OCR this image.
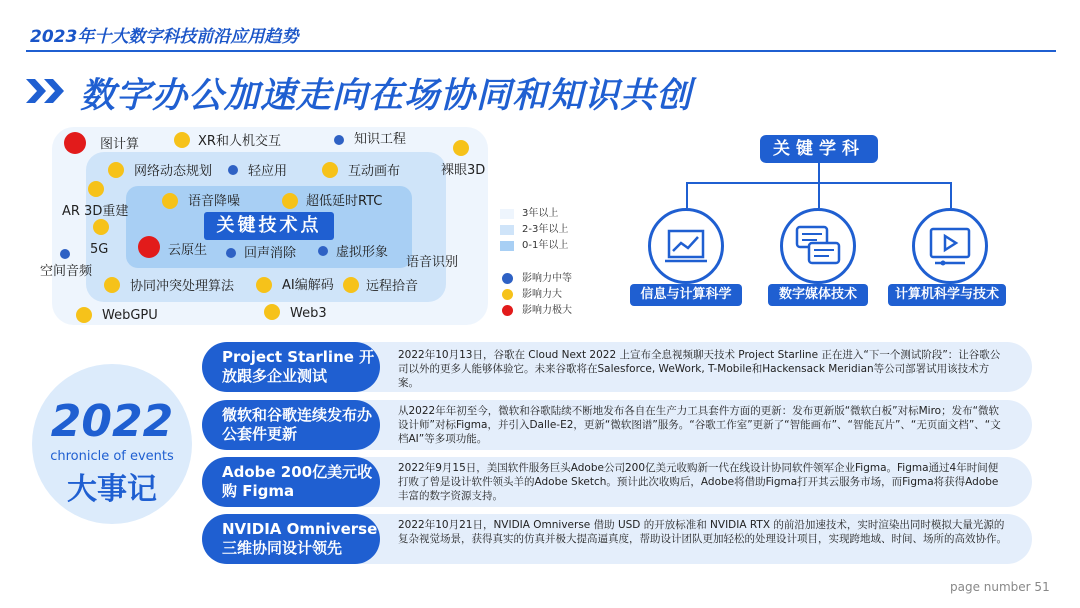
2023年十大数字科技前沿应用趋势
数字办公加速走向在场协同和知识共创
关键技术点
图计算	XR和人机交互	知识工程
裸眼3D
网络动态规划	轻应用	互动画布
AR 3D重建
语音降噪	超低延时RTC
5G	云原生	回声消除	虚拟形象
空间音频
语音识别
协同冲突处理算法	AI编解码 远程拾音
WebGPU	Web3
3年以上
2-3年以上
0-1年以上
影响力中等
影响力大
影响力极大
关键学科
信息与计算科学	数字媒体技术	计算机科学与技术
2022
chronicle of events
大事记
Project Starline 开放跟多企业测试
2022年10月13日，谷歌在 Cloud Next 2022 上宣布全息视频聊天技术 Project Starline 正在进入“下一个测试阶段”：让谷歌公司以外的更多人能够体验它。未来谷歌将在Salesforce, WeWork, T-Mobile和Hackensack Meridian等公司部署试用该技术方案。
微软和谷歌连续发布办公套件更新
从2022年年初至今，微软和谷歌陆续不断地发布各自在生产力工具套件方面的更新：发布更新版“微软白板”对标Miro；发布“微软设计师”对标Figma，并引入Dalle-E2，更新“微软图谱”服务。“谷歌工作室”更新了“智能画布”、“智能瓦片”、“无页面文档”、“文档AI”等多项功能。
Adobe 200亿美元收购 Figma
2022年9月15日，美国软件服务巨头Adobe公司200亿美元收购新一代在线设计协同软件领军企业Figma。Figma通过4年时间便打败了曾是设计软件领头羊的Adobe Sketch。预计此次收购后，Adobe将借助Figma打开其云服务市场，而Figma将获得Adobe丰富的数字资源支持。
NVIDIA Omniverse三维协同设计领先
2022年10月21日，NVIDIA Omniverse 借助 USD 的开放标准和 NVIDIA RTX 的前沿加速技术，实时渲染出同时模拟大量光源的复杂视觉场景，获得真实的仿真并极大提高逼真度，帮助设计团队更加轻松的处理设计项目，实现跨地域、时间、场所的高效协作。
page number 51
